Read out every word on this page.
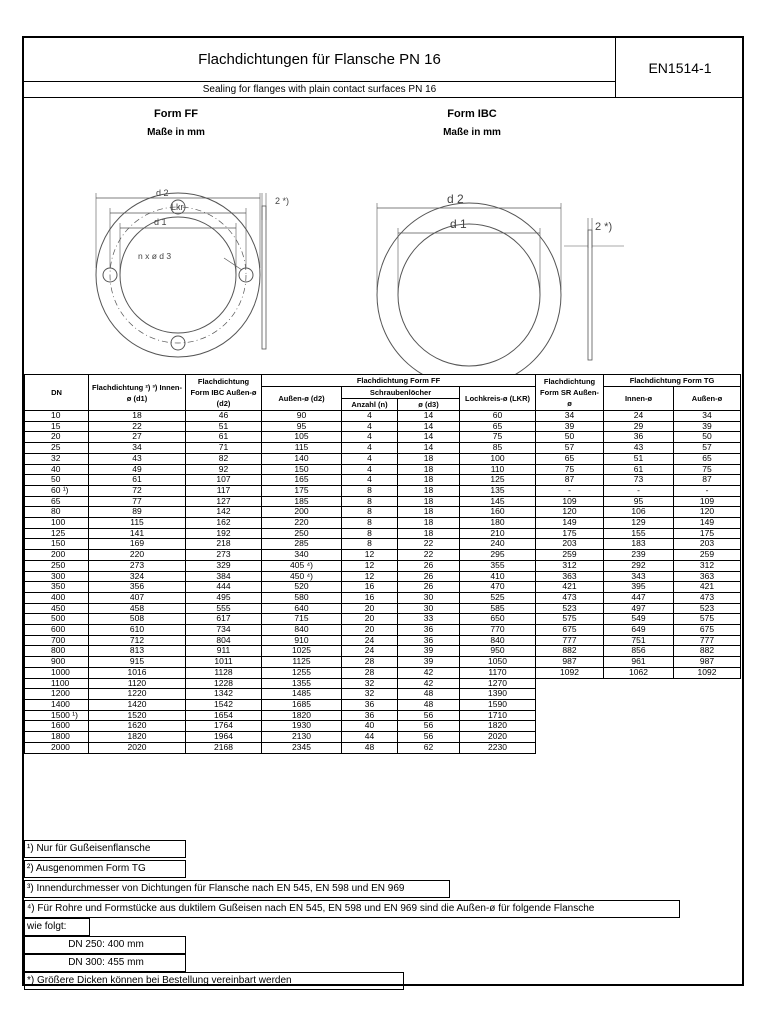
Flachdichtungen für Flansche PN 16	EN1514-1
Sealing for flanges with plain contact surfaces PN 16
Form FF
Maße in mm
Form IBC
Maße in mm
d 2
Lkr
d 1
n x ø d 3
2 *)	d 2
d 1	2 *)
DN	Flachdichtung ²) ³) Innen-ø (d1)	Flachdichtung Form IBC Außen-ø (d2)	Flachdichtung Form FF				Flachdichtung Form SR Außen-ø	Flachdichtung Form TG	
			Außen-ø (d2)	Schraubenlöcher		Lochkreis-ø (LKR)		Innen-ø	Außen-ø
				Anzahl (n)	ø (d3)				
10	18	46	90	4	14	60	34	24	34
15	22	51	95	4	14	65	39	29	39
20	27	61	105	4	14	75	50	36	50
25	34	71	115	4	14	85	57	43	57
32	43	82	140	4	18	100	65	51	65
40	49	92	150	4	18	110	75	61	75
50	61	107	165	4	18	125	87	73	87
60 ¹)	72	117	175	8	18	135	-	-	-
65	77	127	185	8	18	145	109	95	109
80	89	142	200	8	18	160	120	106	120
100	115	162	220	8	18	180	149	129	149
125	141	192	250	8	18	210	175	155	175
150	169	218	285	8	22	240	203	183	203
200	220	273	340	12	22	295	259	239	259
250	273	329	405 ⁴)	12	26	355	312	292	312
300	324	384	450 ⁴)	12	26	410	363	343	363
350	356	444	520	16	26	470	421	395	421
400	407	495	580	16	30	525	473	447	473
450	458	555	640	20	30	585	523	497	523
500	508	617	715	20	33	650	575	549	575
600	610	734	840	20	36	770	675	649	675
700	712	804	910	24	36	840	777	751	777
800	813	911	1025	24	39	950	882	856	882
900	915	1011	1125	28	39	1050	987	961	987
1000	1016	1128	1255	28	42	1170	1092	1062	1092
1100	1120	1228	1355	32	42	1270			
1200	1220	1342	1485	32	48	1390			
1400	1420	1542	1685	36	48	1590			
1500 ¹)	1520	1654	1820	36	56	1710			
1600	1620	1764	1930	40	56	1820			
1800	1820	1964	2130	44	56	2020			
2000	2020	2168	2345	48	62	2230			
¹) Nur für Gußeisenflansche
²) Ausgenommen Form TG
³) Innendurchmesser von Dichtungen für Flansche nach EN 545, EN 598 und EN 969
⁴) Für Rohre und Formstücke aus duktilem Gußeisen nach EN 545, EN 598 und EN 969 sind die Außen-ø für folgende Flansche
wie folgt:
DN 250: 400 mm
DN 300: 455 mm
*) Größere Dicken können bei Bestellung vereinbart werden
